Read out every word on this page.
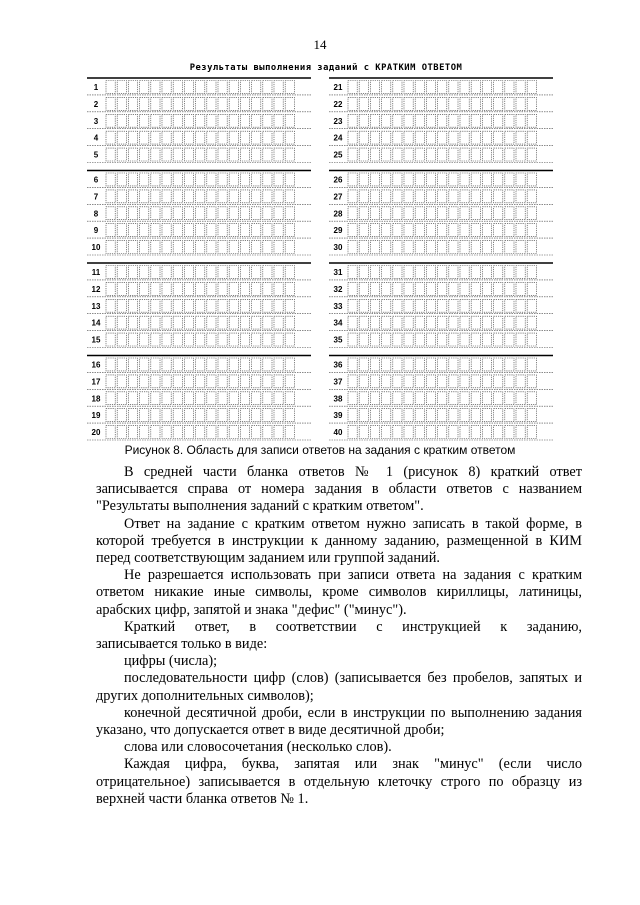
14
Результаты выполнения заданий с КРАТКИМ ОТВЕТОМ
1
2
3
4
5
6
7
8
9
10
11
12
13
14
15
16
17
18
19
20
21
22
23
24
25
26
27
28
29
30
31
32
33
34
35
36
37
38
39
40
Рисунок 8. Область для записи ответов на задания с кратким ответом

В средней части бланка ответов № 1 (рисунок 8) краткий ответ записывается справа от номера задания в области ответов с названием "Результаты выполнения заданий с кратким ответом".

Ответ на задание с кратким ответом нужно записать в такой форме, в которой требуется в инструкции к данному заданию, размещенной в КИМ перед соответствующим заданием или группой заданий.

Не разрешается использовать при записи ответа на задания с кратким ответом никакие иные символы, кроме символов кириллицы, латиницы, арабских цифр, запятой и знака "дефис" ("минус").

Краткий ответ, в соответствии с инструкцией к заданию,

записывается только в виде:

цифры (числа);

последовательности цифр (слов) (записывается без пробелов, запятых и других дополнительных символов);

конечной десятичной дроби, если в инструкции по выполнению задания указано, что допускается ответ в виде десятичной дроби;

слова или словосочетания (несколько слов).

Каждая цифра, буква, запятая или знак "минус" (если число отрицательное) записывается в отдельную клеточку строго по образцу из верхней части бланка ответов № 1.
